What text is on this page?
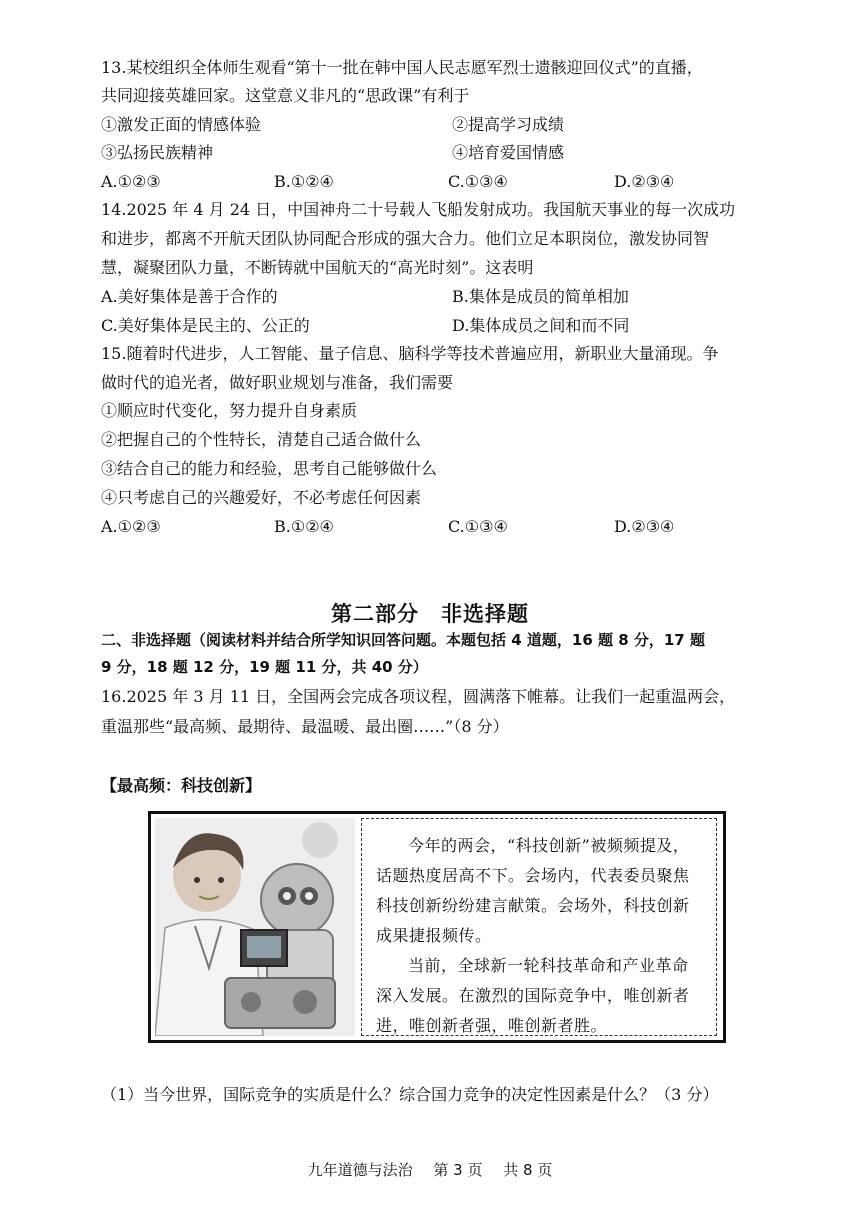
13.某校组织全体师生观看“第十一批在韩中国人民志愿军烈士遗骸迎回仪式”的直播，
共同迎接英雄回家。这堂意义非凡的“思政课”有利于
①激发正面的情感体验	②提高学习成绩
③弘扬民族精神	④培育爱国情感
A.①②③	B.①②④	C.①③④	D.②③④
14.2025 年 4 月 24 日，中国神舟二十号载人飞船发射成功。我国航天事业的每一次成功
和进步，都离不开航天团队协同配合形成的强大合力。他们立足本职岗位，激发协同智
慧，凝聚团队力量，不断铸就中国航天的“高光时刻”。这表明
A.美好集体是善于合作的	B.集体是成员的简单相加
C.美好集体是民主的、公正的	D.集体成员之间和而不同
15.随着时代进步，人工智能、量子信息、脑科学等技术普遍应用，新职业大量涌现。争
做时代的追光者，做好职业规划与准备，我们需要
①顺应时代变化，努力提升自身素质
②把握自己的个性特长，清楚自己适合做什么
③结合自己的能力和经验，思考自己能够做什么
④只考虑自己的兴趣爱好，不必考虑任何因素
A.①②③	B.①②④	C.①③④	D.②③④
第二部分　非选择题
二、非选择题（阅读材料并结合所学知识回答问题。本题包括 4 道题，16 题 8 分，17 题
9 分，18 题 12 分，19 题 11 分，共 40 分）
16.2025 年 3 月 11 日，全国两会完成各项议程，圆满落下帷幕。让我们一起重温两会，
重温那些“最高频、最期待、最温暖、最出圈……”（8 分）
【最高频：科技创新】

今年的两会，“科技创新”被频频提及，话题热度居高不下。会场内，代表委员聚焦科技创新纷纷建言献策。会场外，科技创新成果捷报频传。

当前，全球新一轮科技革命和产业革命深入发展。在激烈的国际竞争中，唯创新者进，唯创新者强，唯创新者胜。

（1）当今世界，国际竞争的实质是什么？综合国力竞争的决定性因素是什么？（3 分）
九年道德与法治 第 3 页 共 8 页
